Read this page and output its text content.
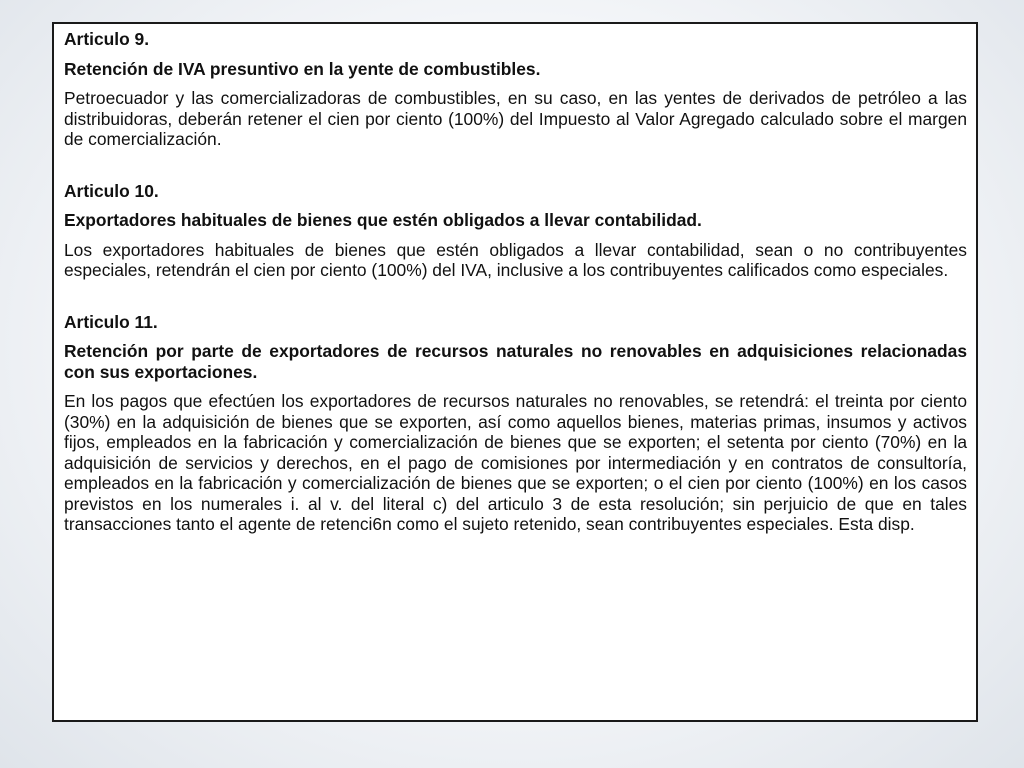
Articulo 9.

Retención de IVA presuntivo en la yente de combustibles.

Petroecuador y las comercializadoras de combustibles, en su caso, en las yentes de derivados de petróleo a las distribuidoras, deberán retener el cien por ciento (100%) del Impuesto al Valor Agregado calculado sobre el margen de comercialización.

Articulo 10.

Exportadores habituales de bienes que estén obligados a llevar contabilidad.

Los exportadores habituales de bienes que estén obligados a llevar contabilidad, sean o no contribuyentes especiales, retendrán el cien por ciento (100%) del IVA, inclusive a los contribuyentes calificados como especiales.

Articulo 11.

Retención por parte de exportadores de recursos naturales no renovables en adquisiciones relacionadas con sus exportaciones.

En los pagos que efectúen los exportadores de recursos naturales no renovables, se retendrá: el treinta por ciento (30%) en la adquisición de bienes que se exporten, así como aquellos bienes, materias primas, insumos y activos fijos, empleados en la fabricación y comercialización de bienes que se exporten; el setenta por ciento (70%) en la adquisición de servicios y derechos, en el pago de comisiones por intermediación y en contratos de consultoría, empleados en la fabricación y comercialización de bienes que se exporten; o el cien por ciento (100%) en los casos previstos en los numerales i. al v. del literal c) del articulo 3 de esta resolución; sin perjuicio de que en tales transacciones tanto el agente de retenci6n como el sujeto retenido, sean contribuyentes especiales. Esta disp.
